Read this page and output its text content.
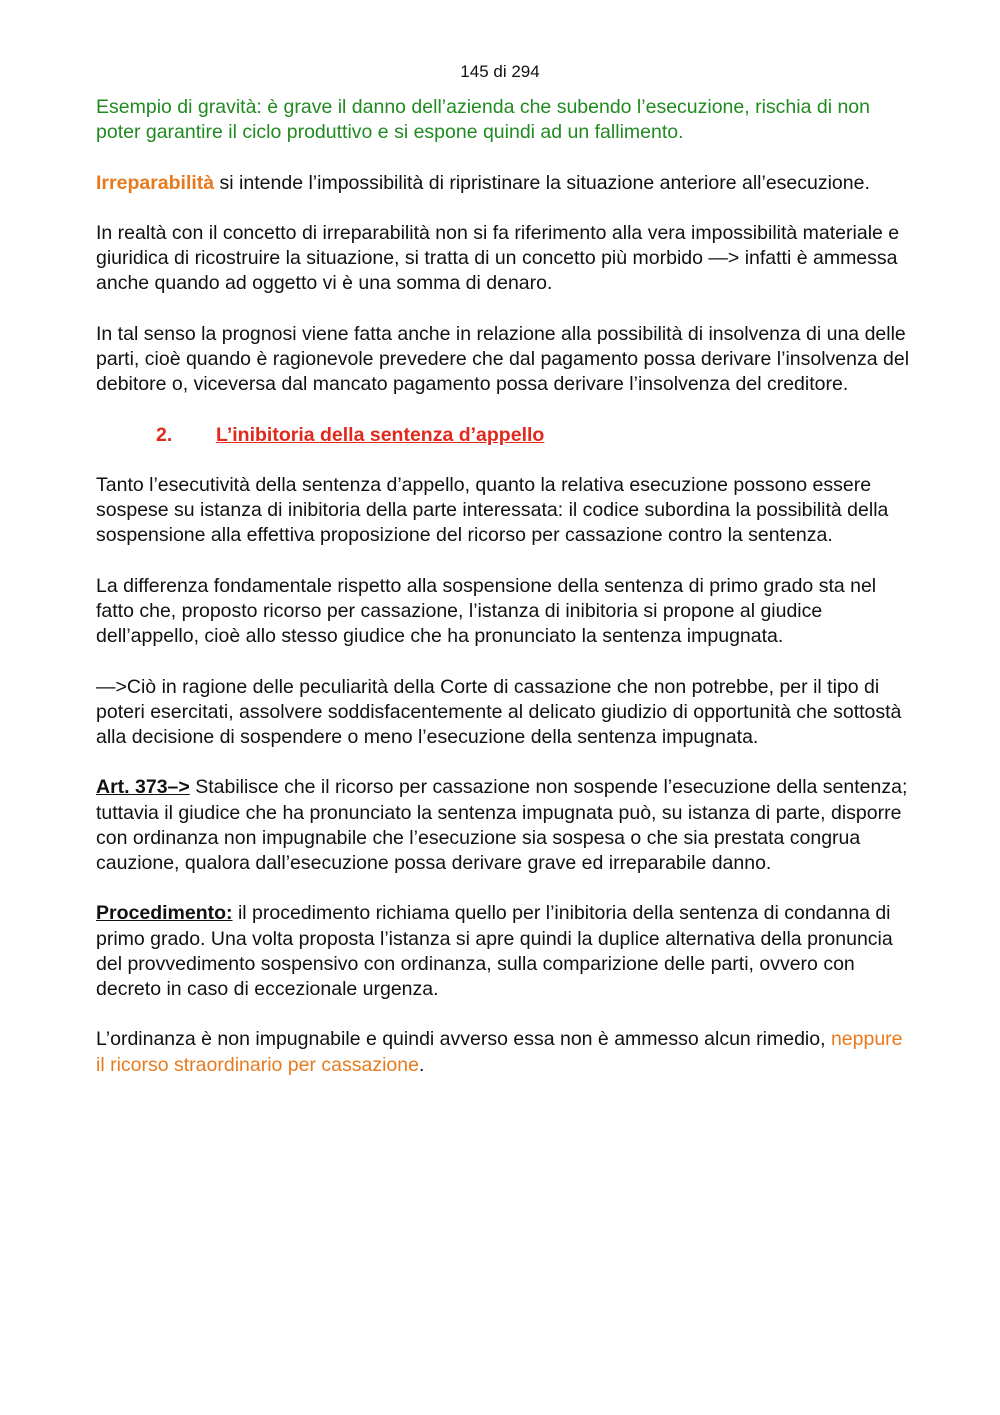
145 di 294

Esempio di gravità: è grave il danno dell’azienda che subendo l’esecuzione, rischia di non poter garantire il ciclo produttivo e si espone quindi ad un fallimento.

Irreparabilità si intende l’impossibilità di ripristinare la situazione anteriore all’esecuzione.

In realtà con il concetto di irreparabilità non si fa riferimento alla vera impossibilità materiale e giuridica di ricostruire la situazione, si tratta di un concetto più morbido —> infatti è ammessa anche quando ad oggetto vi è una somma di denaro.

In tal senso la prognosi viene fatta anche in relazione alla possibilità di insolvenza di una delle parti, cioè quando è ragionevole prevedere che dal pagamento possa derivare l’insolvenza del debitore o, viceversa dal mancato pagamento possa derivare l’insolvenza del creditore.

2. L’inibitoria della sentenza d’appello

Tanto l’esecutività della sentenza d’appello, quanto la relativa esecuzione possono essere sospese su istanza di inibitoria della parte interessata: il codice subordina la possibilità della sospensione alla effettiva proposizione del ricorso per cassazione contro la sentenza.

La differenza fondamentale rispetto alla sospensione della sentenza di primo grado sta nel fatto che, proposto ricorso per cassazione, l’istanza di inibitoria si propone al giudice dell’appello, cioè allo stesso giudice che ha pronunciato la sentenza impugnata.

—>Ciò in ragione delle peculiarità della Corte di cassazione che non potrebbe, per il tipo di poteri esercitati, assolvere soddisfacentemente al delicato giudizio di opportunità che sottostà alla decisione di sospendere o meno l’esecuzione della sentenza impugnata.

Art. 373–> Stabilisce che il ricorso per cassazione non sospende l’esecuzione della sentenza; tuttavia il giudice che ha pronunciato la sentenza impugnata può, su istanza di parte, disporre con ordinanza non impugnabile che l’esecuzione sia sospesa o che sia prestata congrua cauzione, qualora dall’esecuzione possa derivare grave ed irreparabile danno.

Procedimento: il procedimento richiama quello per l’inibitoria della sentenza di condanna di primo grado. Una volta proposta l’istanza si apre quindi la duplice alternativa della pronuncia del provvedimento sospensivo con ordinanza, sulla comparizione delle parti, ovvero con decreto in caso di eccezionale urgenza.

L’ordinanza è non impugnabile e quindi avverso essa non è ammesso alcun rimedio, neppure il ricorso straordinario per cassazione.
